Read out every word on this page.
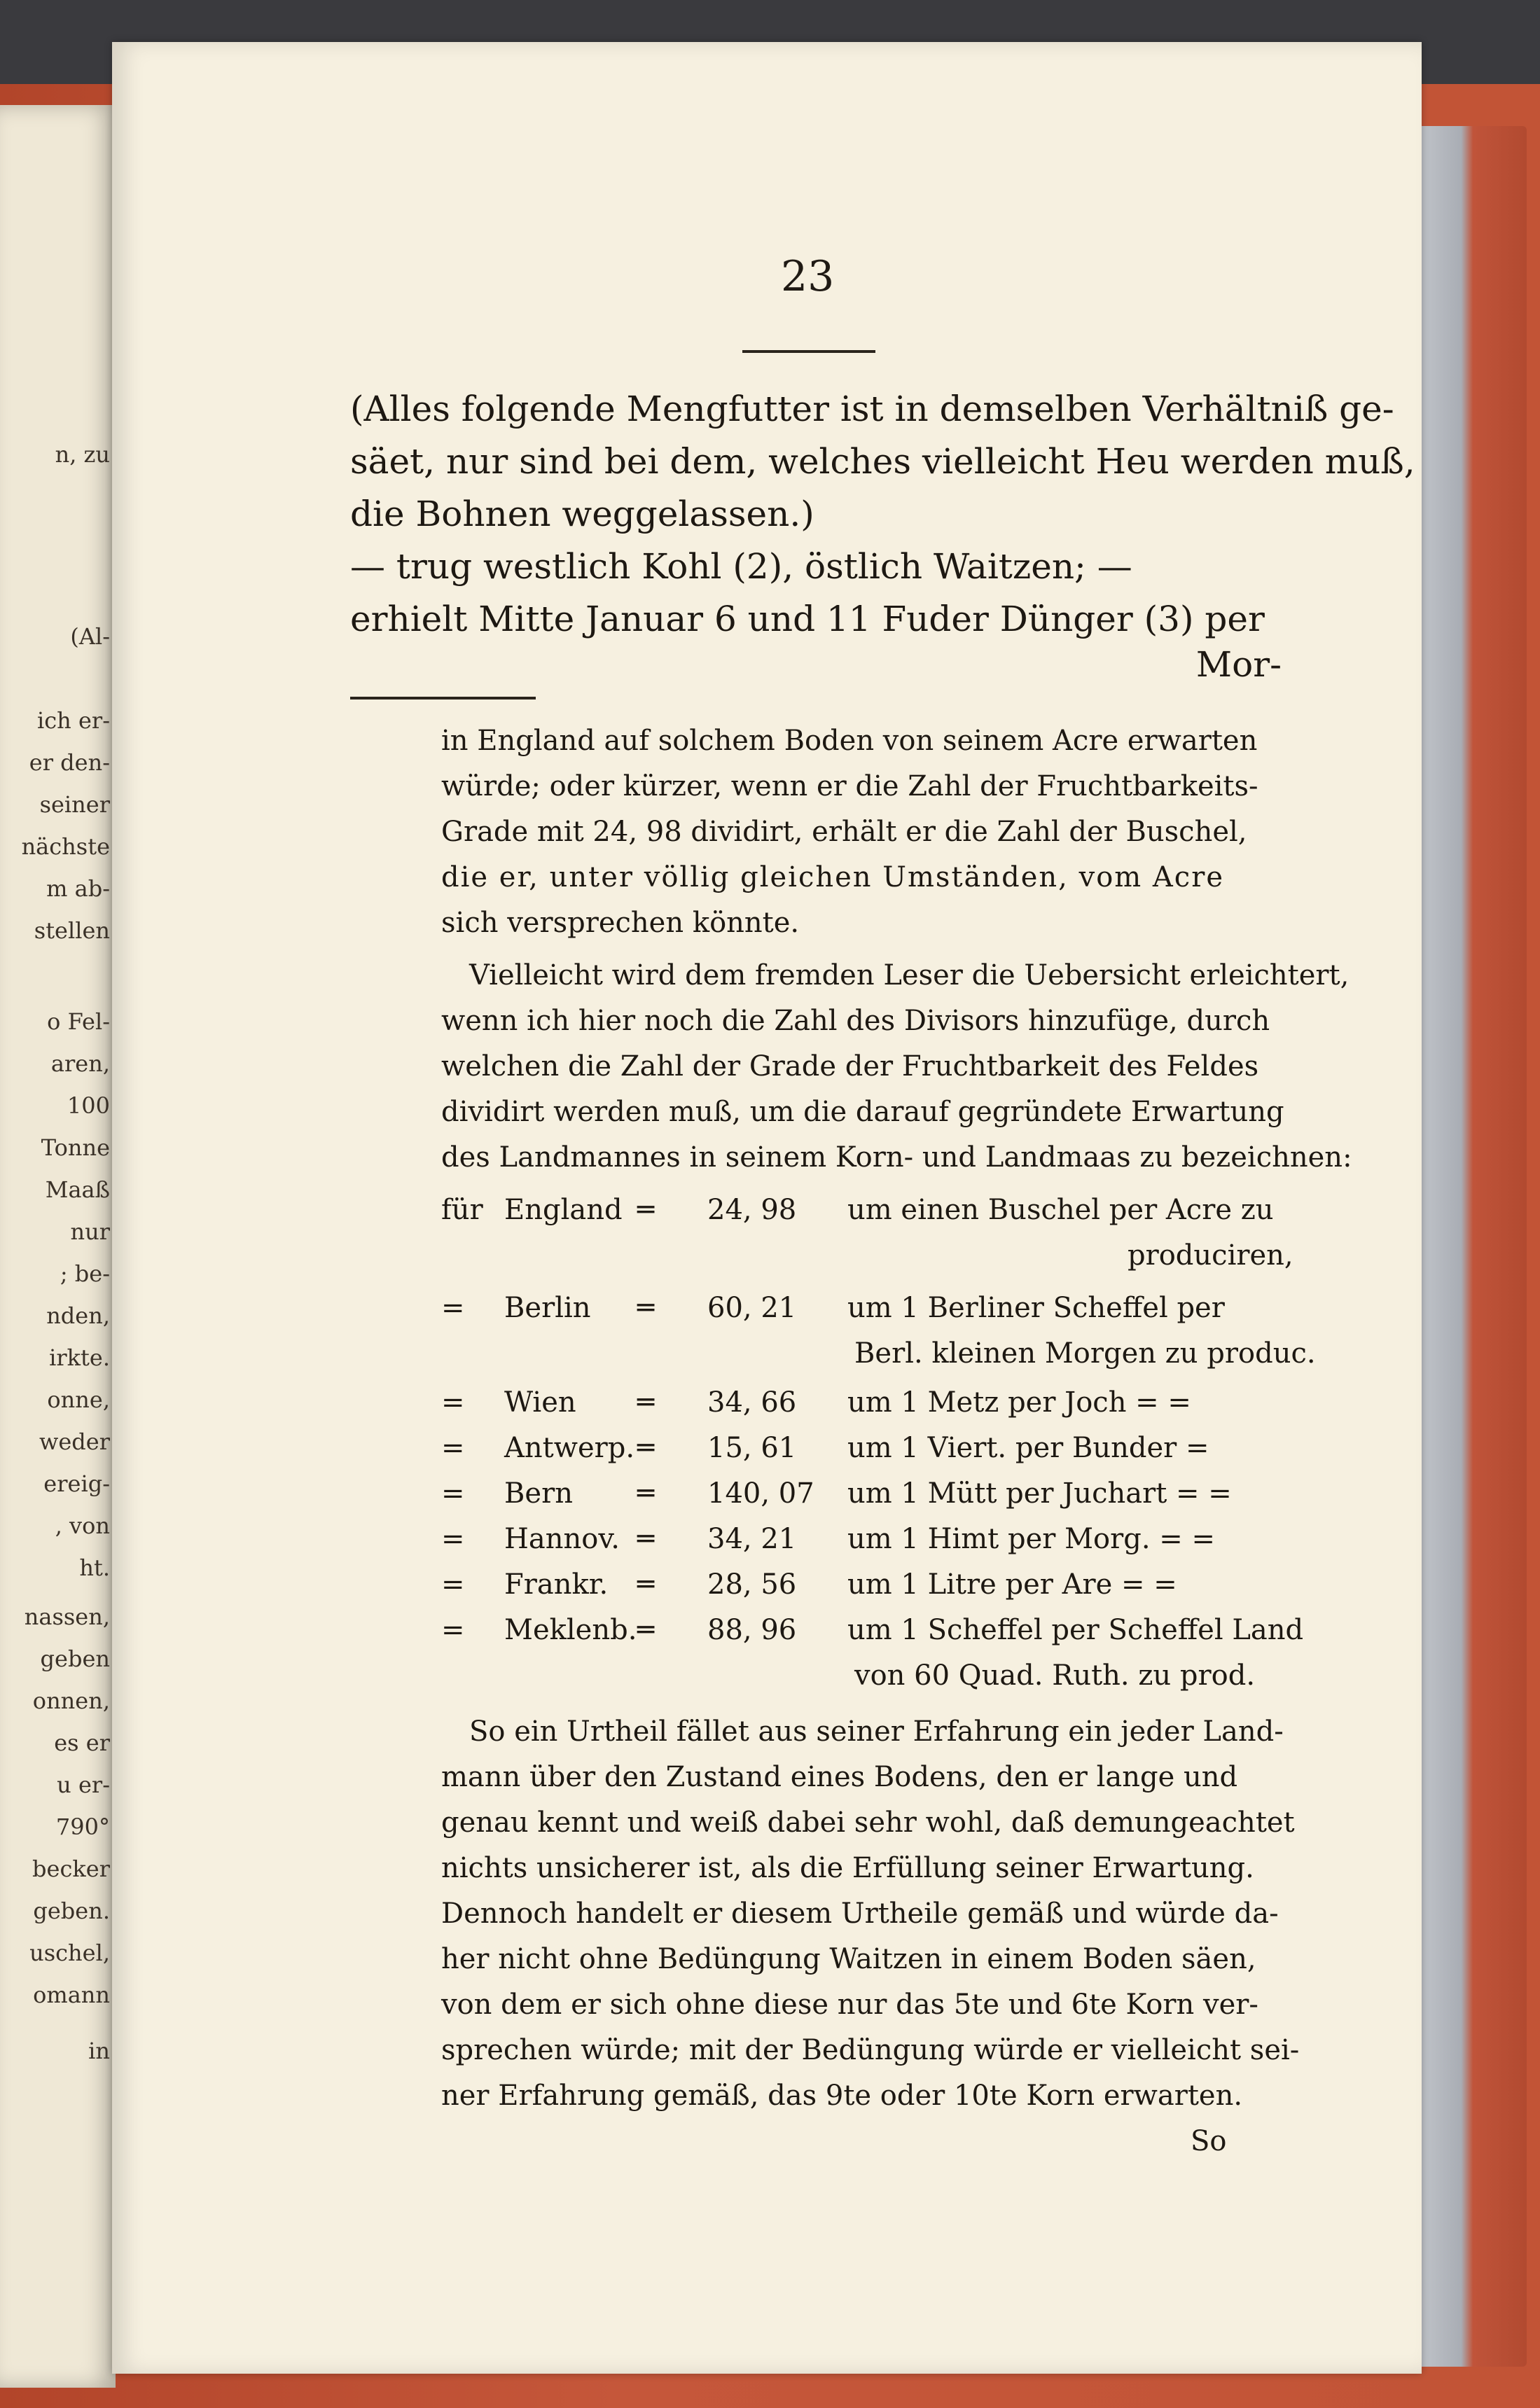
n, zu
(Al-
ich er-
er den-
seiner
nächste
m ab-
stellen
o Fel-
aren,
100
Tonne
Maaß
nur
; be-
nden,
irkte.
onne,
weder
ereig-
, von
ht.
nassen,
geben
onnen,
es er
u er-
790°
becker
geben.
uschel,
omann
in
23
(Alles folgende Mengfutter ist in demselben Verhältniß ge-
säet, nur sind bei dem, welches vielleicht Heu werden muß,
die Bohnen weggelassen.)
— trug westlich Kohl (2), östlich Waitzen; —
erhielt Mitte Januar 6 und 11 Fuder Dünger (3) per
Mor-
in England auf solchem Boden von seinem Acre erwarten
würde; oder kürzer, wenn er die Zahl der Fruchtbarkeits-
Grade mit 24, 98 dividirt, erhält er die Zahl der Buschel,
die er, unter völlig gleichen Umständen, vom Acre
sich versprechen könnte.
Vielleicht wird dem fremden Leser die Uebersicht erleichtert,
wenn ich hier noch die Zahl des Divisors hinzufüge, durch
welchen die Zahl der Grade der Fruchtbarkeit des Feldes
dividirt werden muß, um die darauf gegründete Erwartung
des Landmannes in seinem Korn- und Landmaas zu bezeichnen:
für England ═ 24, 98 um einen Buschel per Acre zu
produciren,
= Berlin ═ 60, 21 um 1 Berliner Scheffel per
Berl. kleinen Morgen zu produc.
= Wien ═ 34, 66 um 1 Metz per Joch = =
= Antwerp. ═ 15, 61 um 1 Viert. per Bunder =
= Bern ═ 140, 07 um 1 Mütt per Juchart = =
= Hannov. ═ 34, 21 um 1 Himt per Morg. = =
= Frankr. ═ 28, 56 um 1 Litre per Are = =
= Meklenb. ═ 88, 96 um 1 Scheffel per Scheffel Land
von 60 Quad. Ruth. zu prod.
So ein Urtheil fället aus seiner Erfahrung ein jeder Land-
mann über den Zustand eines Bodens, den er lange und
genau kennt und weiß dabei sehr wohl, daß demungeachtet
nichts unsicherer ist, als die Erfüllung seiner Erwartung.
Dennoch handelt er diesem Urtheile gemäß und würde da-
her nicht ohne Bedüngung Waitzen in einem Boden säen,
von dem er sich ohne diese nur das 5te und 6te Korn ver-
sprechen würde; mit der Bedüngung würde er vielleicht sei-
ner Erfahrung gemäß, das 9te oder 10te Korn erwarten.
So
